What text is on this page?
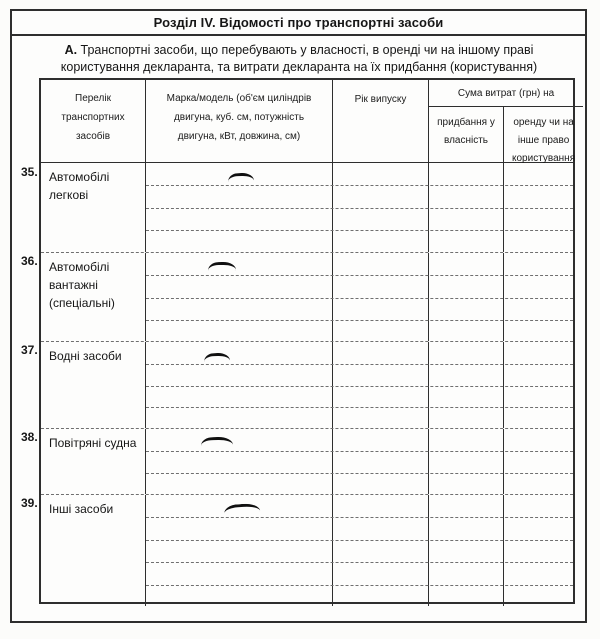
Розділ IV. Відомості про транспортні засоби
А. Транспортні засоби, що перебувають у власності, в оренді чи на іншому праві користування декларанта, та витрати декларанта на їх придбання (користування)
Перелік транспортних засобів
Марка/модель (об'єм циліндрів двигуна, куб. см, потужність двигуна, кВт, довжина, см)
Рік випуску
Сума витрат (грн) на
придбання у власність
оренду чи на інше право користування
Автомобілі легкові
Автомобілі вантажні (спеціальні)
Водні засоби
Повітряні судна
Інші засоби
35.
36.
37.
38.
39.
